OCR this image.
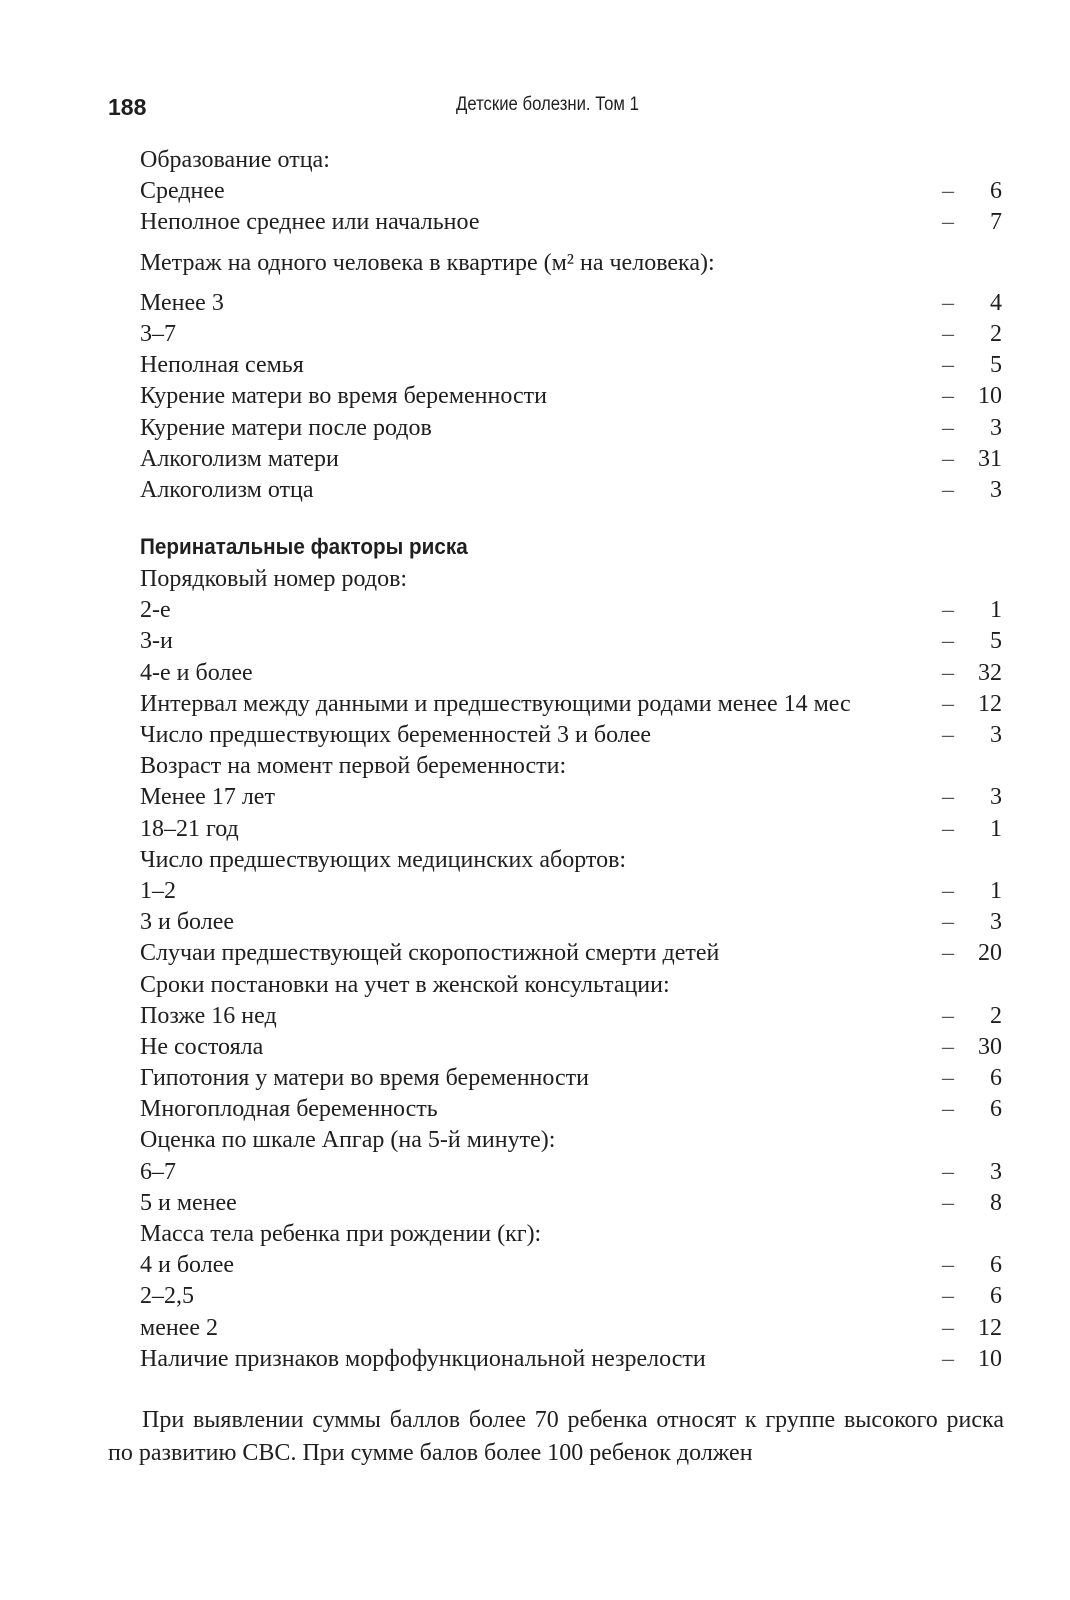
188	Детские болезни. Том 1
Образование отца:
Среднее	– 6
Неполное среднее или начальное	– 7
Метраж на одного человека в квартире (м² на человека):
Менее 3	– 4
3–7	– 2
Неполная семья	– 5
Курение матери во время беременности	– 10
Курение матери после родов	– 3
Алкоголизм матери	– 31
Алкоголизм отца	– 3
Перинатальные факторы риска
Порядковый номер родов:
2-е	– 1
3-и	– 5
4-е и более	– 32
Интервал между данными и предшествующими родами менее 14 мес	– 12
Число предшествующих беременностей 3 и более	– 3
Возраст на момент первой беременности:
Менее 17 лет	– 3
18–21 год	– 1
Число предшествующих медицинских абортов:
1–2	– 1
3 и более	– 3
Случаи предшествующей скоропостижной смерти детей	– 20
Сроки постановки на учет в женской консультации:
Позже 16 нед	– 2
Не состояла	– 30
Гипотония у матери во время беременности	– 6
Многоплодная беременность	– 6
Оценка по шкале Апгар (на 5-й минуте):
6–7	– 3
5 и менее	– 8
Масса тела ребенка при рождении (кг):
4 и более	– 6
2–2,5	– 6
менее 2	– 12
Наличие признаков морфофункциональной незрелости	– 10
При выявлении суммы баллов более 70 ребенка относят к группе высокого риска по развитию СВС. При сумме балов более 100 ребенок должен
